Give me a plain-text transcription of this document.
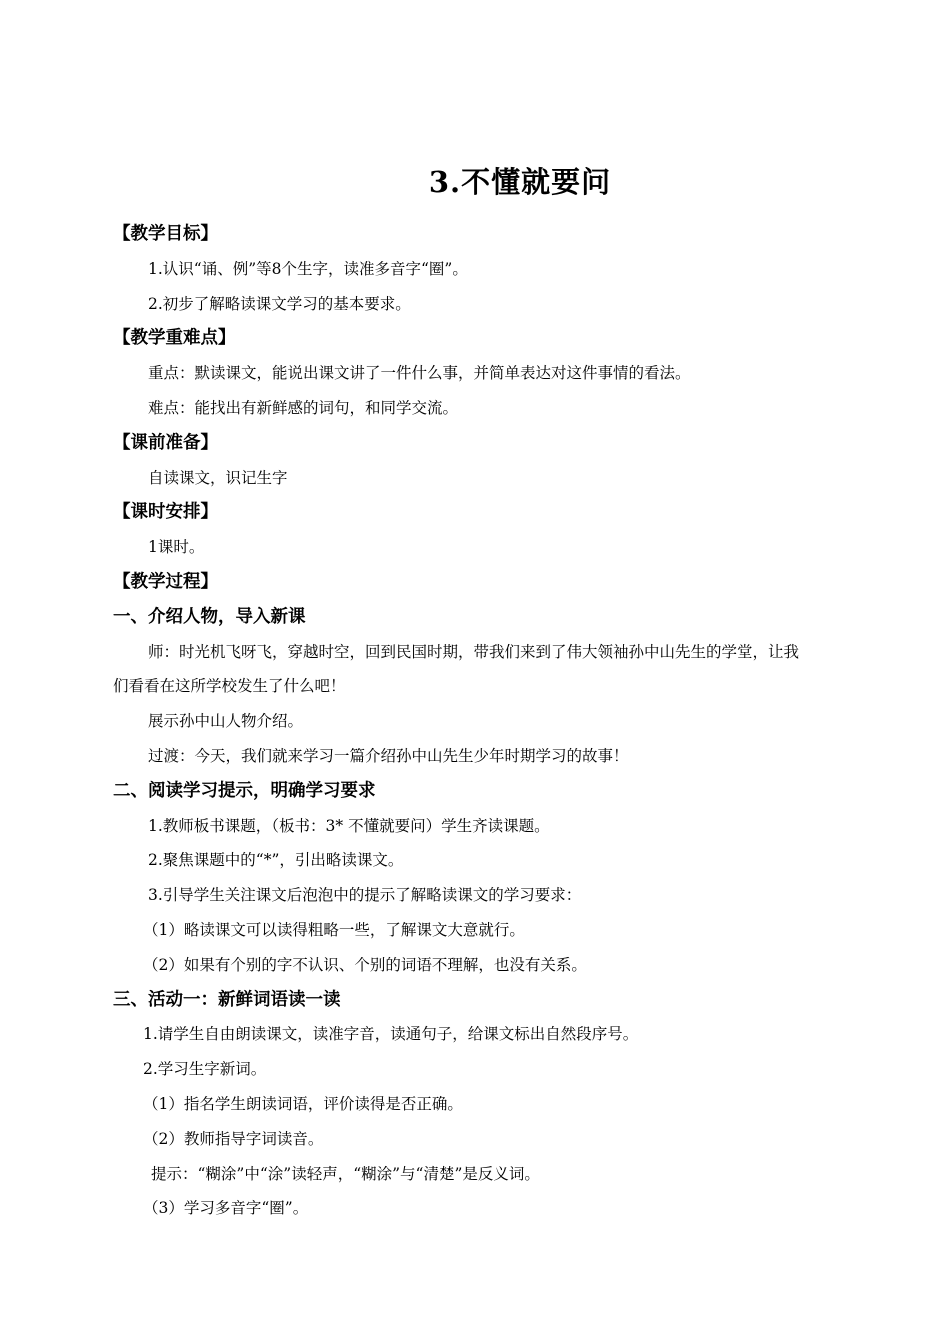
3.不懂就要问
【教学目标】
1.认识“诵、例”等8个生字，读准多音字“圈”。
2.初步了解略读课文学习的基本要求。
【教学重难点】
重点：默读课文，能说出课文讲了一件什么事，并简单表达对这件事情的看法。
难点：能找出有新鲜感的词句，和同学交流。
【课前准备】
自读课文，识记生字
【课时安排】
1课时。
【教学过程】
一、介绍人物，导入新课
师：时光机飞呀飞，穿越时空，回到民国时期，带我们来到了伟大领袖孙中山先生的学堂，让我
们看看在这所学校发生了什么吧！
展示孙中山人物介绍。
过渡：今天，我们就来学习一篇介绍孙中山先生少年时期学习的故事！
二、阅读学习提示，明确学习要求
1.教师板书课题，（板书：3* 不懂就要问）学生齐读课题。
2.聚焦课题中的“*”，引出略读课文。
3.引导学生关注课文后泡泡中的提示了解略读课文的学习要求：
（1）略读课文可以读得粗略一些，了解课文大意就行。
（2）如果有个别的字不认识、个别的词语不理解，也没有关系。
三、活动一：新鲜词语读一读
1.请学生自由朗读课文，读准字音，读通句子，给课文标出自然段序号。
2.学习生字新词。
（1）指名学生朗读词语，评价读得是否正确。
（2）教师指导字词读音。
提示：“糊涂”中“涂”读轻声，“糊涂”与“清楚”是反义词。
（3）学习多音字“圈”。
